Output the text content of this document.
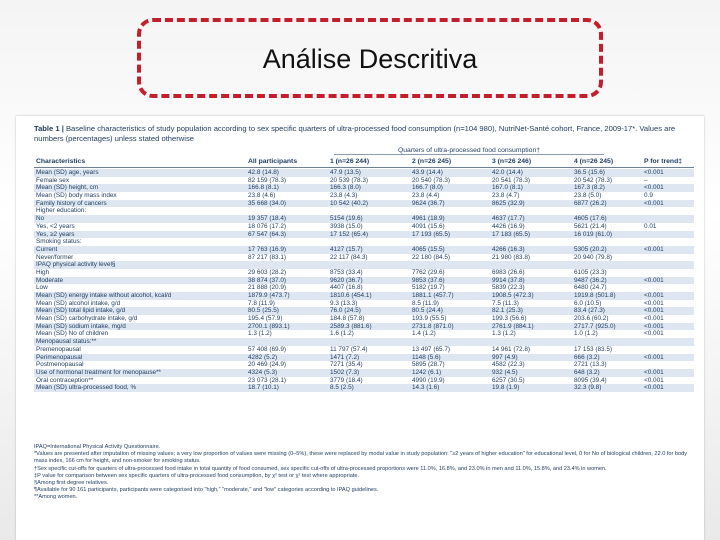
Análise Descritiva
Table 1 | Baseline characteristics of study population according to sex specific quarters of ultra-processed food consumption (n=104 980), NutriNet-Santé cohort, France, 2009-17*. Values are numbers (percentages) unless stated otherwise
Quarters of ultra-processed food consumption†
Characteristics	All participants	1 (n=26 244)	2 (n=26 245)	3 (n=26 246)	4 (n=26 245)	P for trend‡
Mean (SD) age, years	42.8 (14.8)	47.9 (13.5)	43.9 (14.4)	42.0 (14.4)	36.5 (15.6)	<0.001
Female sex	82 159 (78.3)	20 539 (78.3)	20 540 (78.3)	20 541 (78.3)	20 542 (78.3)	–
Mean (SD) height, cm	166.8 (8.1)	166.3 (8.0)	166.7 (8.0)	167.0 (8.1)	167.3 (8.2)	<0.001
Mean (SD) body mass index	23.8 (4.6)	23.8 (4.3)	23.8 (4.4)	23.8 (4.7)	23.8 (5.0)	0.9
Family history of cancers	35 668 (34.0)	10 542 (40.2)	9624 (36.7)	8625 (32.9)	6877 (26.2)	<0.001
Higher education:
No	19 357 (18.4)	5154 (19.6)	4961 (18.9)	4637 (17.7)	4605 (17.6)
Yes, <2 years	18 076 (17.2)	3938 (15.0)	4091 (15.6)	4426 (16.9)	5621 (21.4)	0.01
Yes, ≥2 years	67 547 (64.3)	17 152 (65.4)	17 193 (65.5)	17 183 (65.5)	16 019 (61.0)
Smoking status:
Current	17 763 (16.9)	4127 (15.7)	4065 (15.5)	4266 (16.3)	5305 (20.2)	<0.001
Never/former	87 217 (83.1)	22 117 (84.3)	22 180 (84.5)	21 980 (83.8)	20 940 (79.8)
IPAQ physical activity level§
High	29 603 (28.2)	8753 (33.4)	7762 (29.6)	6983 (26.6)	6105 (23.3)
Moderate	38 874 (37.0)	9620 (36.7)	9853 (37.6)	9914 (37.8)	9487 (36.2)	<0.001
Low	21 888 (20.9)	4407 (16.8)	5182 (19.7)	5839 (22.3)	6480 (24.7)
Mean (SD) energy intake without alcohol, kcal/d	1879.9 (473.7)	1810.6 (454.1)	1881.1 (457.7)	1908.5 (472.3)	1919.8 (501.8)	<0.001
Mean (SD) alcohol intake, g/d	7.8 (11.9)	9.3 (13.3)	8.5 (11.9)	7.5 (11.3)	6.0 (10.5)	<0.001
Mean (SD) total lipid intake, g/d	80.5 (25.5)	76.0 (24.5)	80.5 (24.4)	82.1 (25.3)	83.4 (27.3)	<0.001
Mean (SD) carbohydrate intake, g/d	195.4 (57.9)	184.8 (57.8)	193.9 (55.5)	199.3 (56.6)	203.6 (60.2)	<0.001
Mean (SD) sodium intake, mg/d	2700.1 (893.1)	2589.3 (881.6)	2731.8 (871.0)	2761.9 (884.1)	2717.7 (925.0)	<0.001
Mean (SD) No of children	1.3 (1.2)	1.6 (1.2)	1.4 (1.2)	1.3 (1.2)	1.0 (1.2)	<0.001
Menopausal status:**
Premenopausal	57 408 (69.9)	11 797 (57.4)	13 497 (65.7)	14 961 (72.8)	17 153 (83.5)
Perimenopausal	4282 (5.2)	1471 (7.2)	1148 (5.6)	997 (4.9)	666 (3.2)	<0.001
Postmenopausal	20 469 (24.9)	7271 (35.4)	5895 (28.7)	4582 (22.3)	2721 (13.3)
Use of hormonal treatment for menopause**	4324 (5.3)	1502 (7.3)	1242 (6.1)	932 (4.5)	648 (3.2)	<0.001
Oral contraception**	23 073 (28.1)	3779 (18.4)	4990 (19.9)	6257 (30.5)	8095 (39.4)	<0.001
Mean (SD) ultra-processed food, %	18.7 (10.1)	8.5 (2.5)	14.3 (1.6)	19.8 (1.9)	32.3 (9.8)	<0.001
IPAQ=International Physical Activity Questionnaire.
*Values are presented after imputation of missing values; a very low proportion of values were missing (0–5%), these were replaced by modal value in study population: "≥2 years of higher education" for educational level, 0 for No of biological children, 22.0 for body mass index, 166 cm for height, and non-smoker for smoking status.
†Sex specific cut-offs for quarters of ultra-processed food intake in total quantity of food consumed, sex specific cut-offs of ultra-processed proportions were 11.0%, 16.8%, and 23.0% in men and 11.0%, 15.8%, and 23.4% in women.
‡P value for comparison between sex specific quarters of ultra-processed food consumption, by χ² test or χ² test where appropriate.
§Among first degree relatives.
¶Available for 90 161 participants, participants were categorised into "high," "moderate," and "low" categories according to IPAQ guidelines.
**Among women.
